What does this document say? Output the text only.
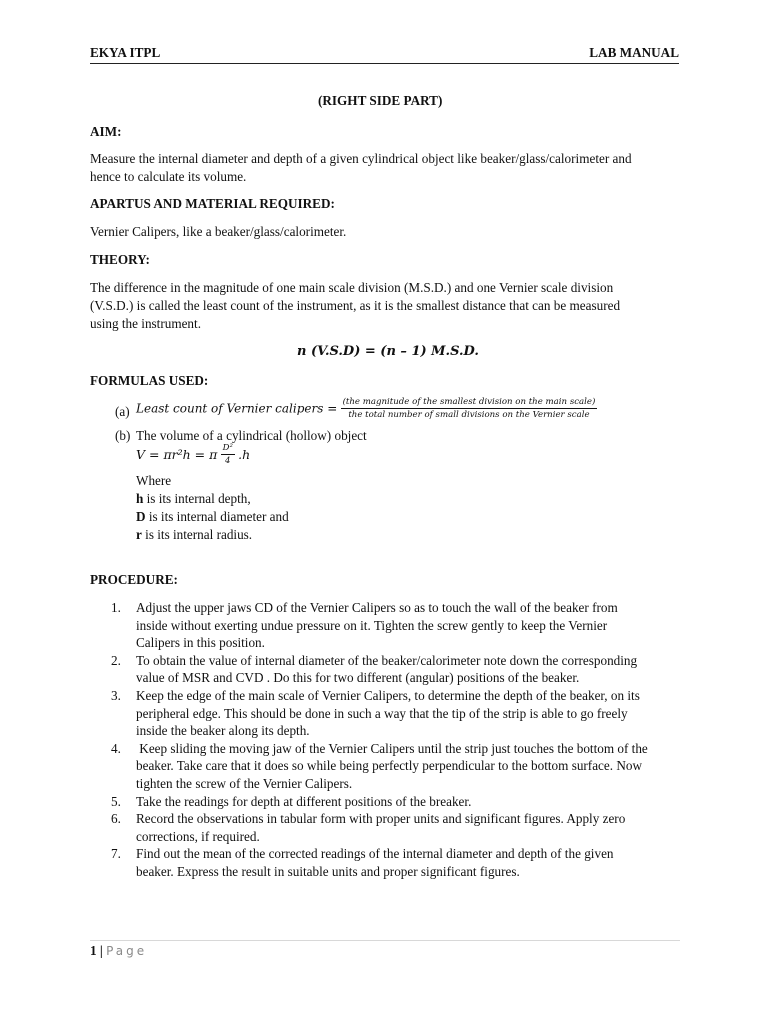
EKYA ITPL	LAB MANUAL
(RIGHT SIDE PART)
AIM:
Measure the internal diameter and depth of a given cylindrical object like beaker/glass/calorimeter and
hence to calculate its volume.
APARTUS AND MATERIAL REQUIRED:
Vernier Calipers, like a beaker/glass/calorimeter.
THEORY:
The difference in the magnitude of one main scale division (M.S.D.) and one Vernier scale division
(V.S.D.) is called the least count of the instrument, as it is the smallest distance that can be measured
using the instrument.
n (V.S.D) = (n – 1) M.S.D.
FORMULAS USED:
(a) Least count of Vernier calipers = $\frac{\text{(the magnitude of the smallest division on the main scale)}}{\text{the total number of small divisions on the Vernier scale}}$
(b) The volume of a cylindrical (hollow) object
V = πr²h = π $\frac{\text{D²}}{4} .h$
Where
h is its internal depth,
D is its internal diameter and
r is its internal radius.
PROCEDURE:
1. Adjust the upper jaws CD of the Vernier Calipers so as to touch the wall of the beaker from
inside without exerting undue pressure on it. Tighten the screw gently to keep the Vernier
Calipers in this position.
2. To obtain the value of internal diameter of the beaker/calorimeter note down the corresponding
value of MSR and CVD . Do this for two different (angular) positions of the beaker.
3. Keep the edge of the main scale of Vernier Calipers, to determine the depth of the beaker, on its
peripheral edge. This should be done in such a way that the tip of the strip is able to go freely
inside the beaker along its depth.
4. Keep sliding the moving jaw of the Vernier Calipers until the strip just touches the bottom of the
beaker. Take care that it does so while being perfectly perpendicular to the bottom surface. Now
tighten the screw of the Vernier Calipers.
5. Take the readings for depth at different positions of the breaker.
6. Record the observations in tabular form with proper units and significant figures. Apply zero
corrections, if required.
7. Find out the mean of the corrected readings of the internal diameter and depth of the given
beaker. Express the result in suitable units and proper significant figures.
1 | Page
